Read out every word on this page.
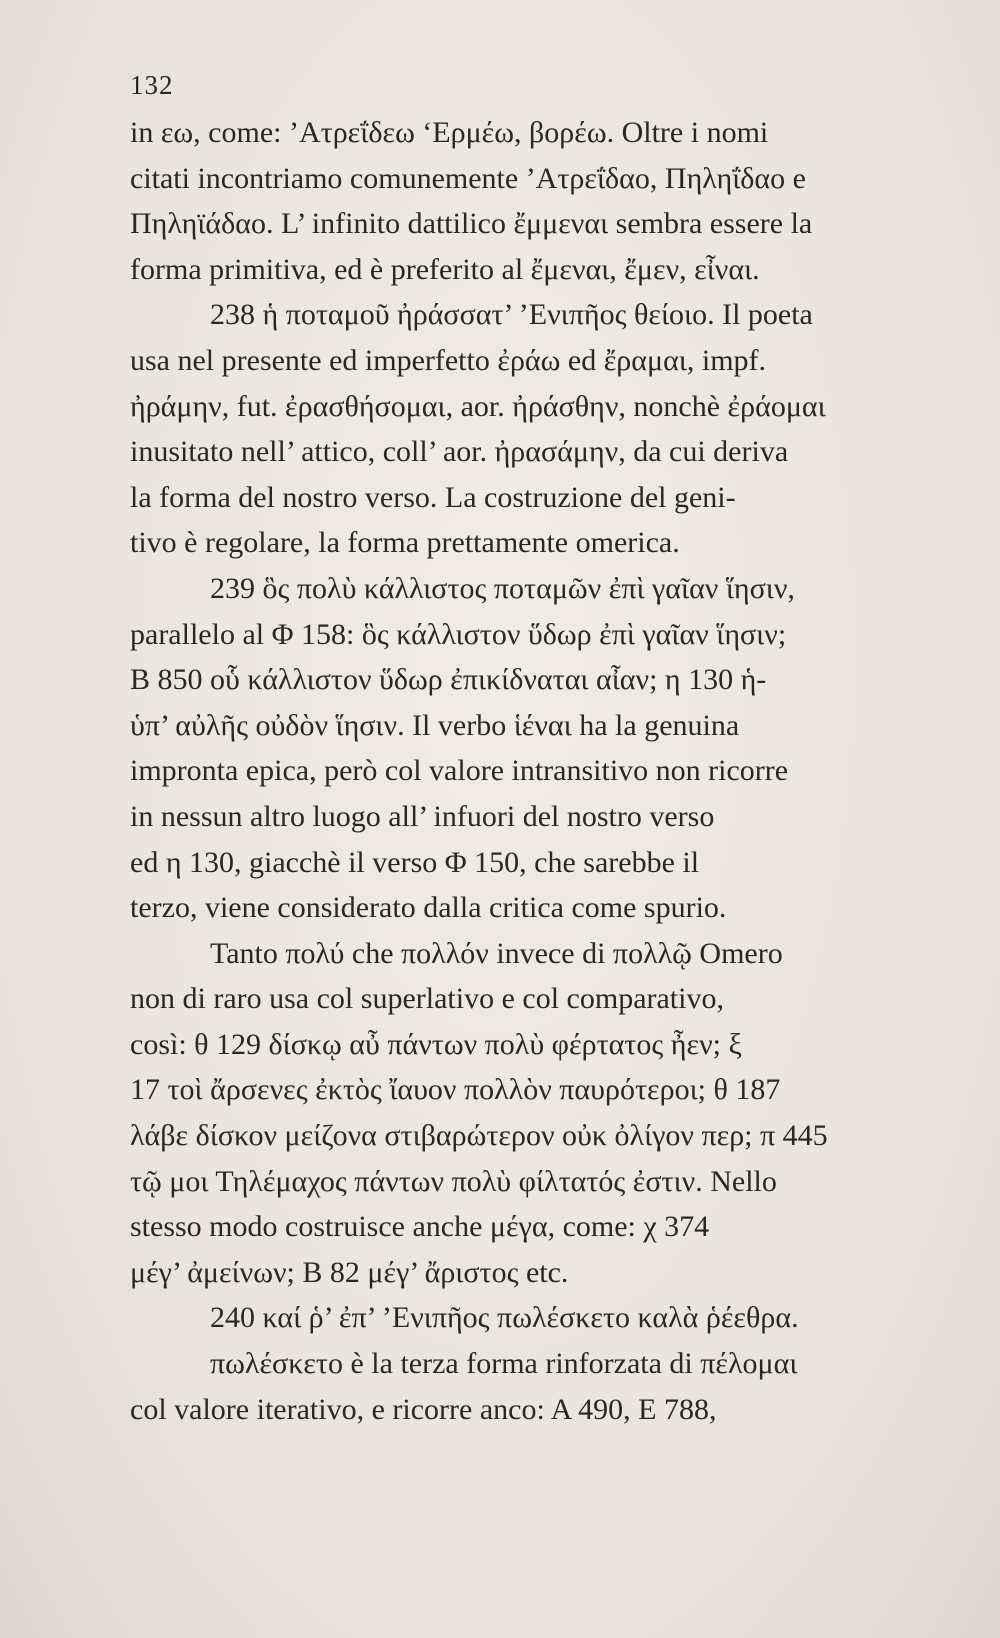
132
in εω, come: ’Ατρεΐδεω ‘Ερμέω, βορέω. Oltre i nomi
citati incontriamo comunemente ’Ατρεΐδαο, Πηληΐδαο e
Πηληϊάδαο. L’ infinito dattilico ἔμμεναι sembra essere la
forma primitiva, ed è preferito al ἔμεναι, ἔμεν, εἶναι.
238 ἡ ποταμοῦ ἠράσσατ’ ’Ενιπῆος θείοιο. Il poeta
usa nel presente ed imperfetto ἐράω ed ἔραμαι, impf.
ἠράμην, fut. ἐρασθήσομαι, aor. ἠράσθην, nonchè ἐράομαι
inusitato nell’ attico, coll’ aor. ἠρασάμην, da cui deriva
la forma del nostro verso. La costruzione del geni-
tivo è regolare, la forma prettamente omerica.
239 ὃς πολὺ κάλλιστος ποταμῶν ἐπὶ γαῖαν ἵησιν,
parallelo al Φ 158: ὃς κάλλιστον ὕδωρ ἐπὶ γαῖαν ἵησιν;
B 850 οὗ κάλλιστον ὕδωρ ἐπικίδναται αἶαν; η 130 ἡ-
ὑπ’ αὐλῆς οὐδὸν ἵησιν. Il verbo ἱέναι ha la genuina
impronta epica, però col valore intransitivo non ricorre
in nessun altro luogo all’ infuori del nostro verso
ed η 130, giacchè il verso Φ 150, che sarebbe il
terzo, viene considerato dalla critica come spurio.
Tanto πολύ che πολλόν invece di πολλῷ Omero
non di raro usa col superlativo e col comparativo,
così: θ 129 δίσκῳ αὖ πάντων πολὺ φέρτατος ἦεν; ξ
17 τοὶ ἄρσενες ἐκτὸς ἴαυον πολλὸν παυρότεροι; θ 187
λάβε δίσκον μείζονα στιβαρώτερον οὐκ ὀλίγον περ; π 445
τῷ μοι Τηλέμαχος πάντων πολὺ φίλτατός ἐστιν. Nello
stesso modo costruisce anche μέγα, come: χ 374
μέγ’ ἀμείνων; B 82 μέγ’ ἄριστος etc.
240 καί ῥ’ ἐπ’ ’Ενιπῆος πωλέσκετο καλὰ ῥέεθρα.
πωλέσκετο è la terza forma rinforzata di πέλομαι
col valore iterativo, e ricorre anco: A 490, E 788,
